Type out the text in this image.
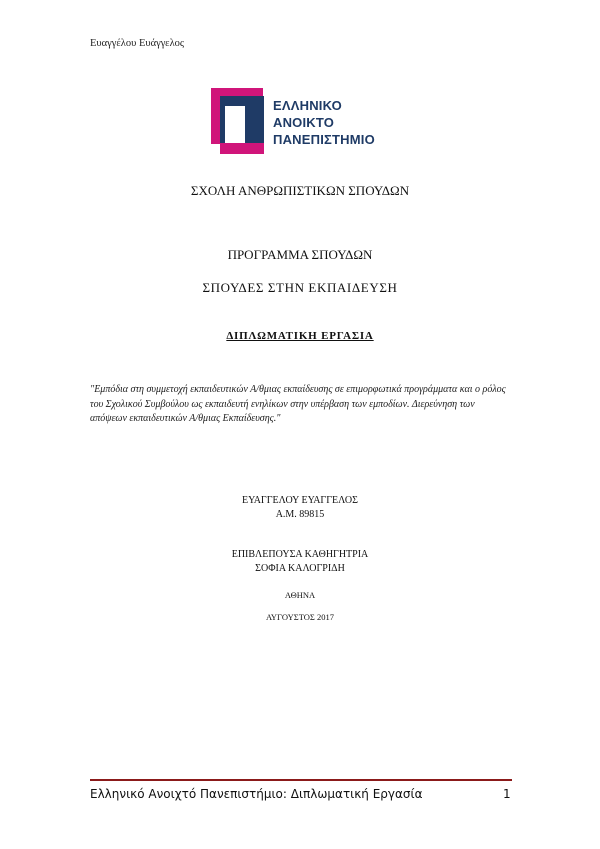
Ευαγγέλου Ευάγγελος
ΕΛΛΗΝΙΚΟ
ΑΝΟΙΚΤΟ
ΠΑΝΕΠΙΣΤΗΜΙΟ
ΣΧΟΛΗ ΑΝΘΡΩΠΙΣΤΙΚΩΝ ΣΠΟΥΔΩΝ
ΠΡΟΓΡΑΜΜΑ ΣΠΟΥΔΩΝ
ΣΠΟΥΔΕΣ ΣΤΗΝ ΕΚΠΑΙΔΕΥΣΗ
ΔΙΠΛΩΜΑΤΙΚΗ ΕΡΓΑΣΙΑ
"Εμπόδια στη συμμετοχή εκπαιδευτικών Α/θμιας εκπαίδευσης σε επιμορφωτικά προγράμματα και ο ρόλος του Σχολικού Συμβούλου ως εκπαιδευτή ενηλίκων στην υπέρβαση των εμποδίων. Διερεύνηση των απόψεων εκπαιδευτικών Α/θμιας Εκπαίδευσης."
ΕΥΑΓΓΕΛΟΥ ΕΥΑΓΓΕΛΟΣ
Α.Μ. 89815
ΕΠΙΒΛΕΠΟΥΣΑ ΚΑΘΗΓΗΤΡΙΑ
ΣΟΦΙΑ ΚΑΛΟΓΡΙΔΗ
ΑΘΗΝΑ
ΑΥΓΟΥΣΤΟΣ 2017
Ελληνικό Ανοιχτό Πανεπιστήμιο: Διπλωματική Εργασία	1
